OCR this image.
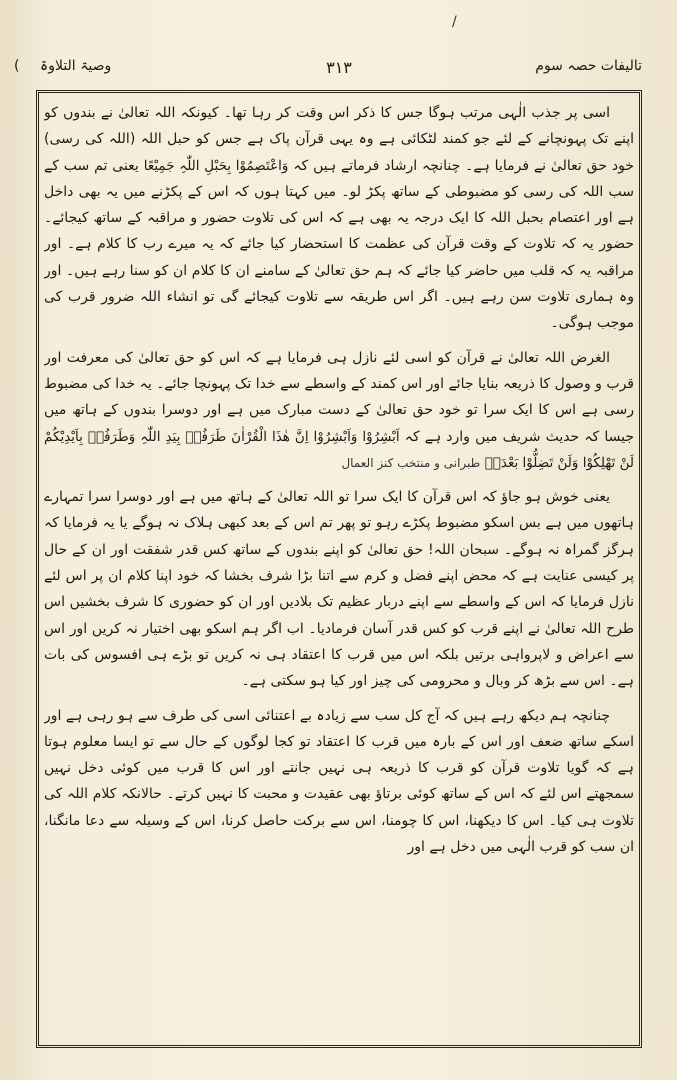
/
تالیفات حصہ سوم
٣١٣
وصیۃ التلاوۃ
(

اسی پر جذب الٰہی مرتب ہوگا جس کا ذکر اس وقت کر رہا تھا۔ کیونکہ اللہ تعالیٰ نے بندوں کو اپنے تک پہونچانے کے لئے جو کمند لٹکائی ہے وہ یہی قرآن پاک ہے جس کو حبل اللہ (اللہ کی رسی) خود حق تعالیٰ نے فرمایا ہے۔ چنانچہ ارشاد فرماتے ہیں کہ وَاعْتَصِمُوْا بِحَبْلِ اللّٰہِ جَمِیْعًا یعنی تم سب کے سب اللہ کی رسی کو مضبوطی کے ساتھ پکڑ لو۔ میں کہتا ہوں کہ اس کے پکڑنے میں یہ بھی داخل ہے اور اعتصام بحبل اللہ کا ایک درجہ یہ بھی ہے کہ اس کی تلاوت حضور و مراقبہ کے ساتھ کیجائے۔ حضور یہ کہ تلاوت کے وقت قرآن کی عظمت کا استحضار کیا جائے کہ یہ میرے رب کا کلام ہے۔ اور مراقبہ یہ کہ قلب میں حاضر کیا جائے کہ ہم حق تعالیٰ کے سامنے ان کا کلام ان کو سنا رہے ہیں۔ اور وہ ہماری تلاوت سن رہے ہیں۔ اگر اس طریقہ سے تلاوت کیجائے گی تو انشاء اللہ ضرور قرب کی موجب ہوگی۔

الغرض اللہ تعالیٰ نے قرآن کو اسی لئے نازل ہی فرمایا ہے کہ اس کو حق تعالیٰ کی معرفت اور قرب و وصول کا ذریعہ بنایا جائے اور اس کمند کے واسطے سے خدا تک پہونچا جائے۔ یہ خدا کی مضبوط رسی ہے اس کا ایک سرا تو خود حق تعالیٰ کے دست مبارک میں ہے اور دوسرا بندوں کے ہاتھ میں جیسا کہ حدیث شریف میں وارد ہے کہ اَبْشِرُوْا وَاَبْشِرُوْا اِنَّ ھٰذَا الْقُرْاٰنَ طَرَفُہٗ بِیَدِ اللّٰہِ وَطَرَفُہٗ بِاَیْدِیْکُمْ لَنْ تَھْلِکُوْا وَلَنْ تَضِلُّوْا بَعْدَہٗ طبرانی و منتخب کنز العمال

یعنی خوش ہو جاؤ کہ اس قرآن کا ایک سرا تو اللہ تعالیٰ کے ہاتھ میں ہے اور دوسرا سرا تمہارے ہاتھوں میں ہے بس اسکو مضبوط پکڑے رہو تو پھر تم اس کے بعد کبھی ہلاک نہ ہوگے یا یہ فرمایا کہ ہرگز گمراہ نہ ہوگے۔ سبحان اللہ! حق تعالیٰ کو اپنے بندوں کے ساتھ کس قدر شفقت اور ان کے حال پر کیسی عنایت ہے کہ محض اپنے فضل و کرم سے اتنا بڑا شرف بخشا کہ خود اپنا کلام ان پر اس لئے نازل فرمایا کہ اس کے واسطے سے اپنے دربار عظیم تک بلادیں اور ان کو حضوری کا شرف بخشیں اس طرح اللہ تعالیٰ نے اپنے قرب کو کس قدر آسان فرمادیا۔ اب اگر ہم اسکو بھی اختیار نہ کریں اور اس سے اعراض و لاپرواہی برتیں بلکہ اس میں قرب کا اعتقاد ہی نہ کریں تو بڑے ہی افسوس کی بات ہے۔ اس سے بڑھ کر وبال و محرومی کی چیز اور کیا ہو سکتی ہے۔

چنانچہ ہم دیکھ رہے ہیں کہ آج کل سب سے زیادہ بے اعتنائی اسی کی طرف سے ہو رہی ہے اور اسکے ساتھ ضعف اور اس کے بارہ میں قرب کا اعتقاد تو کجا لوگوں کے حال سے تو ایسا معلوم ہوتا ہے کہ گویا تلاوت قرآن کو قرب کا ذریعہ ہی نہیں جانتے اور اس کا قرب میں کوئی دخل نہیں سمجھتے اس لئے کہ اس کے ساتھ کوئی برتاؤ بھی عقیدت و محبت کا نہیں کرتے۔ حالانکہ کلام اللہ کی تلاوت ہی کیا۔ اس کا دیکھنا، اس کا چومنا، اس سے برکت حاصل کرنا، اس کے وسیلہ سے دعا مانگنا، ان سب کو قرب الٰہی میں دخل ہے اور
